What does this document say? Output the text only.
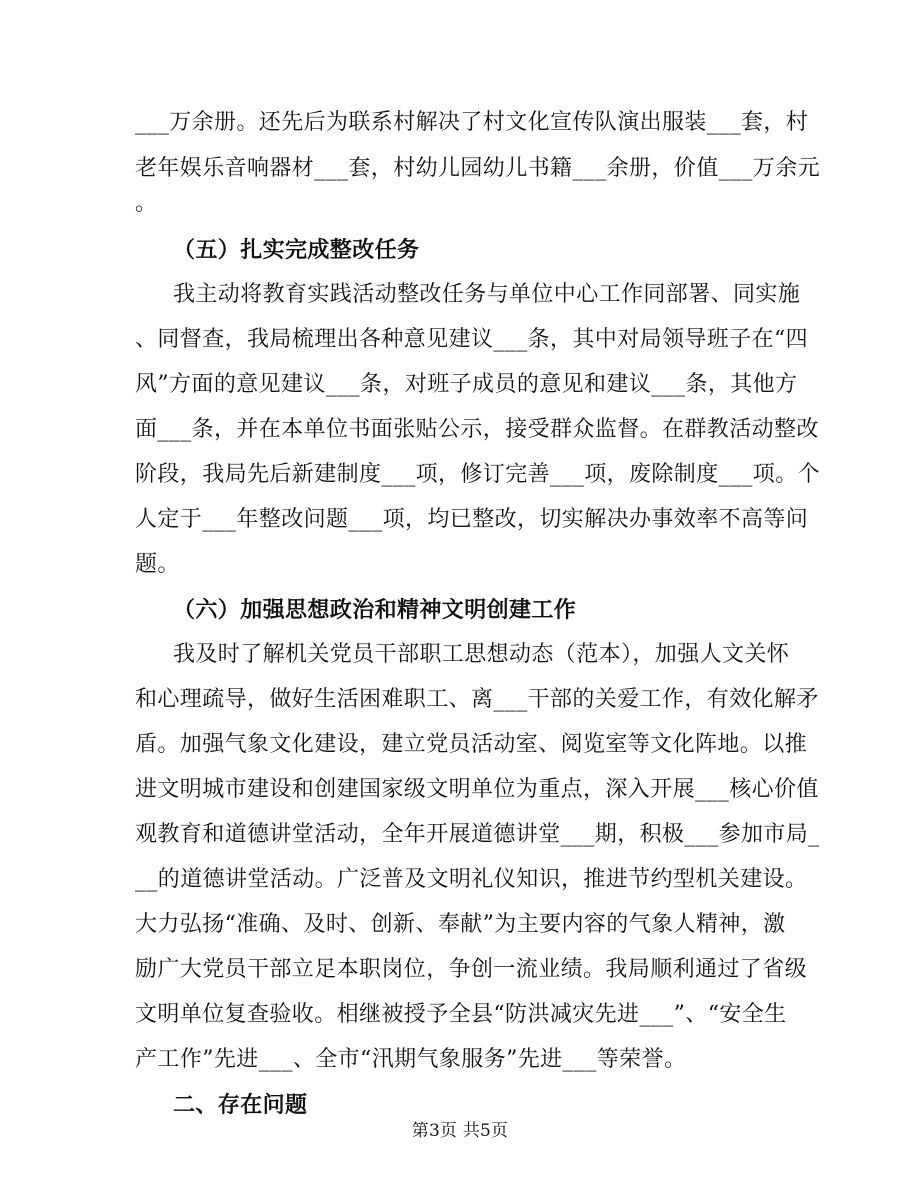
___万余册。还先后为联系村解决了村文化宣传队演出服装___套，村
老年娱乐音响器材___套，村幼儿园幼儿书籍___余册，价值___万余元
。
（五）扎实完成整改任务
我主动将教育实践活动整改任务与单位中心工作同部署、同实施
、同督查，我局梳理出各种意见建议___条，其中对局领导班子在“四
风”方面的意见建议___条，对班子成员的意见和建议___条，其他方
面___条，并在本单位书面张贴公示，接受群众监督。在群教活动整改
阶段，我局先后新建制度___项，修订完善___项，废除制度___项。个
人定于___年整改问题___项，均已整改，切实解决办事效率不高等问
题。
（六）加强思想政治和精神文明创建工作
我及时了解机关党员干部职工思想动态（范本），加强人文关怀
和心理疏导，做好生活困难职工、离___干部的关爱工作，有效化解矛
盾。加强气象文化建设，建立党员活动室、阅览室等文化阵地。以推
进文明城市建设和创建国家级文明单位为重点，深入开展___核心价值
观教育和道德讲堂活动，全年开展道德讲堂___期，积极___参加市局_
__的道德讲堂活动。广泛普及文明礼仪知识，推进节约型机关建设。
大力弘扬“准确、及时、创新、奉献”为主要内容的气象人精神，激
励广大党员干部立足本职岗位，争创一流业绩。我局顺利通过了省级
文明单位复查验收。相继被授予全县“防洪减灾先进___”、“安全生
产工作”先进___、全市“汛期气象服务”先进___等荣誉。
二、存在问题
第3页 共5页
